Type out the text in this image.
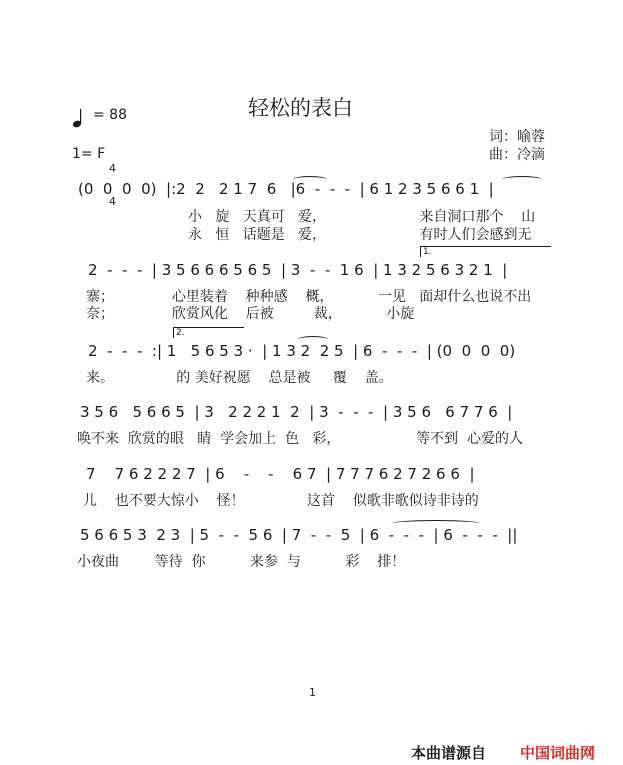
轻松的表白
= 88
1= F

4

4

词：喻蓉
曲：冷滴
(0  0  0  0)  |:2  2   2 1 7  6   |6  -  -  -  | 6 1 2 3 5 6 6 1  |
小   旋   天真可   爱，                     来自洞口那个    山
永   恒   话题是   爱，                     有时人们会感到无
1.
2  -  -  -  | 3 5 6 6 6 5 6 5  | 3  -  -  1 6  | 1 3 2 5 6 3 2 1  |
寨；             心里装着    种种感    概，          一见   面却什么也说不出
奈；             欣赏风化    后被         裁，          小旋
2.
2  -  -  -  :| 1   5 6 5 3 ·  | 1 3 2  2 5  | 6  -  -  -  | (0  0  0  0)
来。              的 美好祝愿    总是被     覆    盖。
3 5 6   5 6 6 5  | 3   2 2 2 1  2  | 3  -  -  -  | 3 5 6   6 7 7 6  |
唤不来  欣赏的眼   睛  学会加上  色   彩，                 等不到  心爱的人
7    7 6 2 2 2 7  | 6    -    -    6 7  | 7 7 7 6 2 7 2 6 6  |
儿    也不要大惊小    怪！              这首    似歌非歌似诗非诗的
5 6 6 5 3  2 3  | 5  -  -  5 6  | 7  -  -  5  | 6  -  -  -  | 6  -  -  -  ||
小夜曲        等待  你          来参  与          彩    排！
1
本曲谱源自 中国词曲网
